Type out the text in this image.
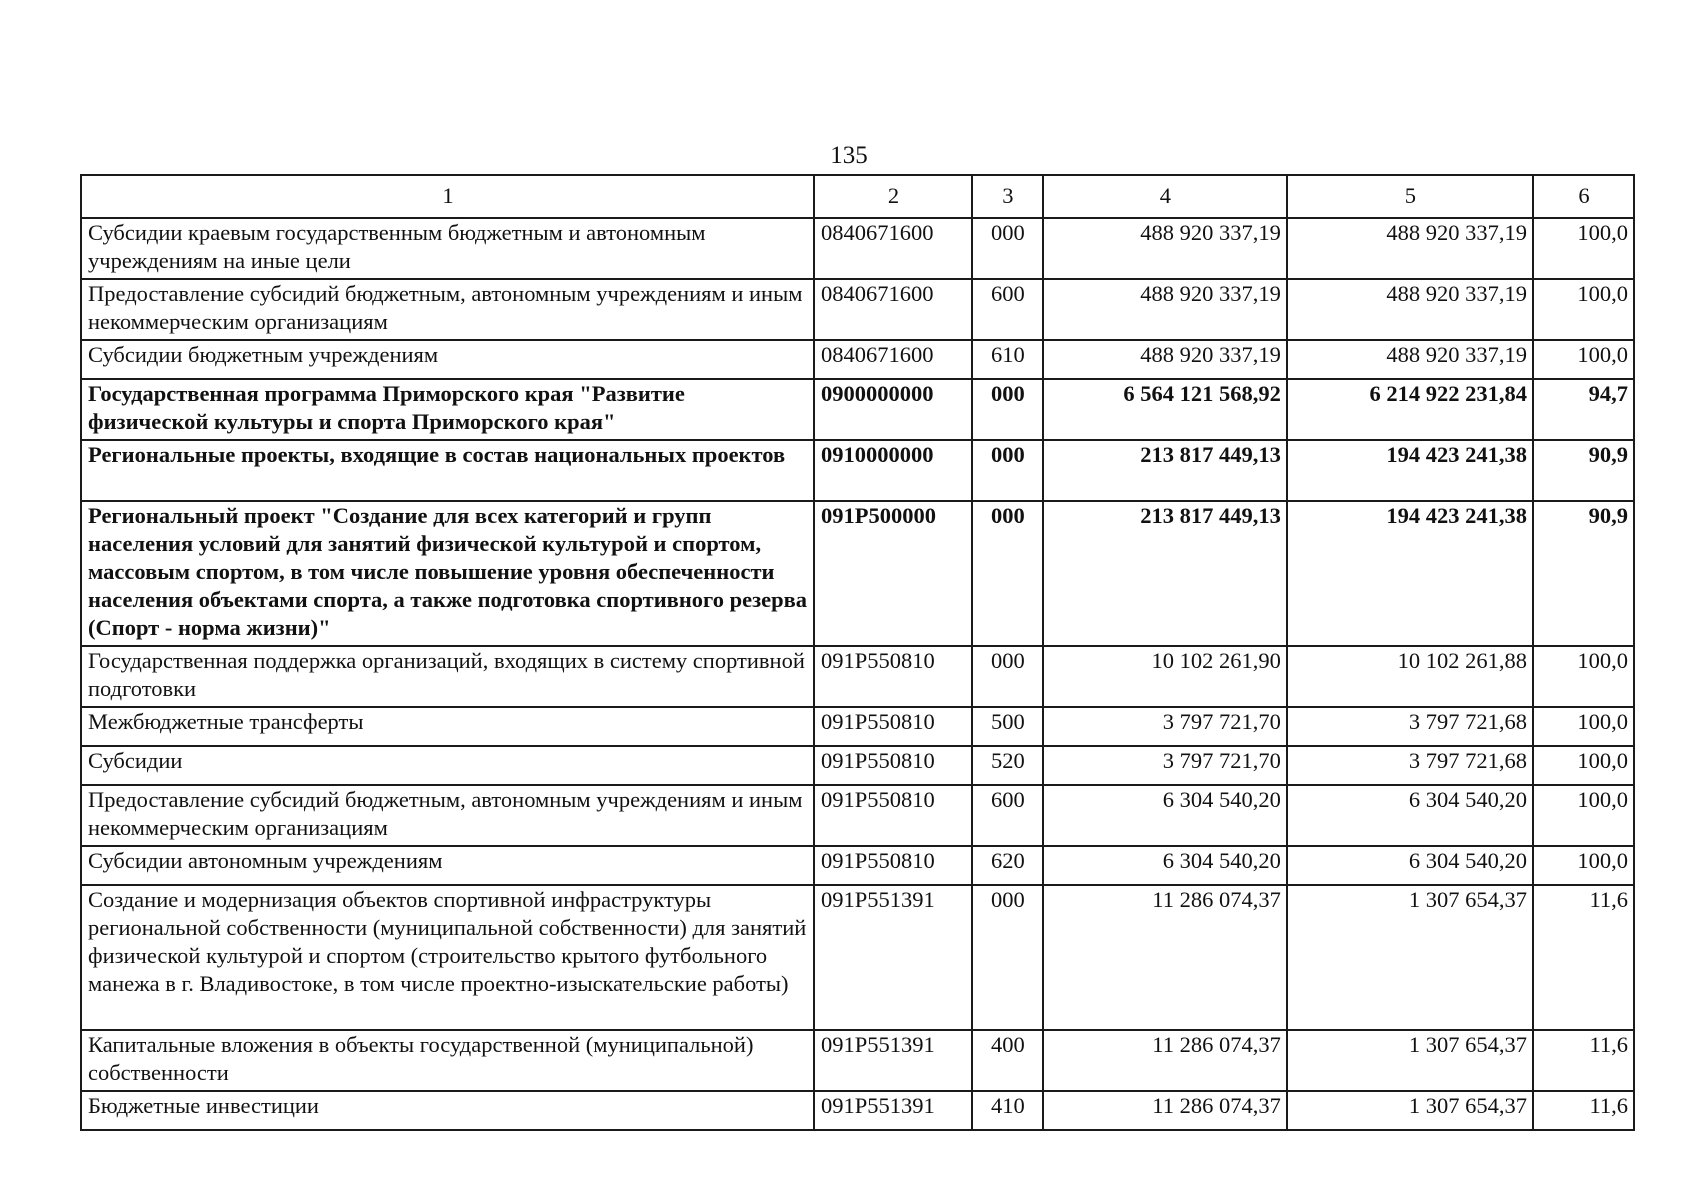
135
1	2	3	4	5	6
Субсидии краевым государственным бюджетным и автономным учреждениям на иные цели	0840671600	000	488 920 337,19	488 920 337,19	100,0
Предоставление субсидий бюджетным, автономным учреждениям и иным некоммерческим организациям	0840671600	600	488 920 337,19	488 920 337,19	100,0
Субсидии бюджетным учреждениям	0840671600	610	488 920 337,19	488 920 337,19	100,0
Государственная программа Приморского края "Развитие физической культуры и спорта Приморского края"	0900000000	000	6 564 121 568,92	6 214 922 231,84	94,7
Региональные проекты, входящие в состав национальных проектов	0910000000	000	213 817 449,13	194 423 241,38	90,9
Региональный проект "Создание для всех категорий и групп населения условий для занятий физической культурой и спортом, массовым спортом, в том числе повышение уровня обеспеченности населения объектами спорта, а также подготовка спортивного резерва (Спорт - норма жизни)"	091P500000	000	213 817 449,13	194 423 241,38	90,9
Государственная поддержка организаций, входящих в систему спортивной подготовки	091P550810	000	10 102 261,90	10 102 261,88	100,0
Межбюджетные трансферты	091P550810	500	3 797 721,70	3 797 721,68	100,0
Субсидии	091P550810	520	3 797 721,70	3 797 721,68	100,0
Предоставление субсидий бюджетным, автономным учреждениям и иным некоммерческим организациям	091P550810	600	6 304 540,20	6 304 540,20	100,0
Субсидии автономным учреждениям	091P550810	620	6 304 540,20	6 304 540,20	100,0
Создание и модернизация объектов спортивной инфраструктуры региональной собственности (муниципальной собственности) для занятий физической культурой и спортом (строительство крытого футбольного манежа в г. Владивостоке, в том числе проектно-изыскательские работы)	091P551391	000	11 286 074,37	1 307 654,37	11,6
Капитальные вложения в объекты государственной (муниципальной) собственности	091P551391	400	11 286 074,37	1 307 654,37	11,6
Бюджетные инвестиции	091P551391	410	11 286 074,37	1 307 654,37	11,6
